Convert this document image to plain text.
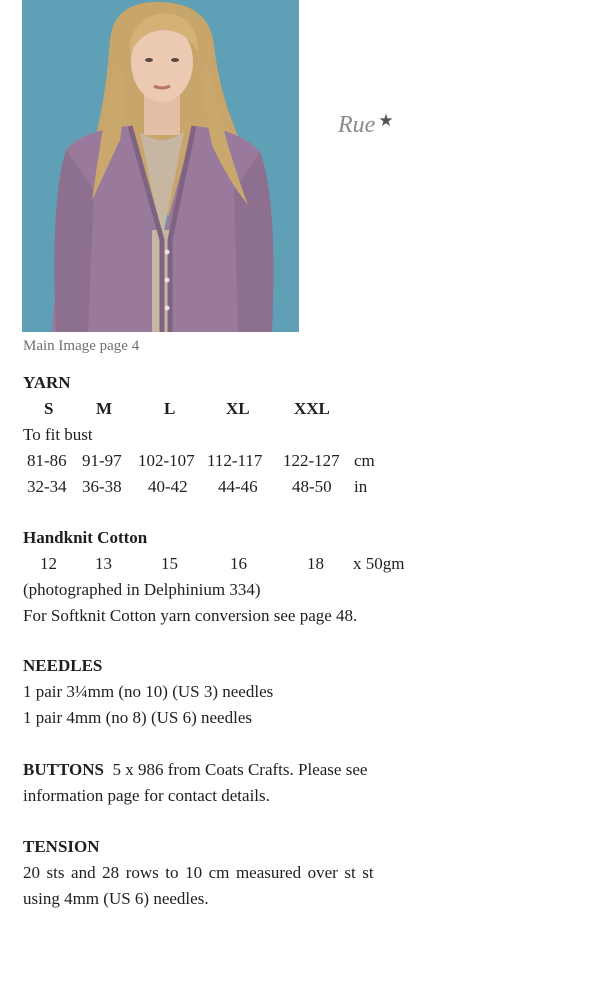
Rue ★
Main Image page 4
YARN
S	M	L	XL	XXL
To fit bust
81-86 91-97 102-107 112-117 122-127 cm
32-34 36-38 40-42 44-46 48-50 in
Handknit Cotton
12 13	15	16	18 x 50gm
(photographed in Delphinium 334)
For Softknit Cotton yarn conversion see page 48.
NEEDLES
1 pair 3¼mm (no 10) (US 3) needles
1 pair 4mm (no 8) (US 6) needles
BUTTONS 5 x 986 from Coats Crafts. Please see
information page for contact details.
TENSION
20 sts and 28 rows to 10 cm measured over st st
using 4mm (US 6) needles.
